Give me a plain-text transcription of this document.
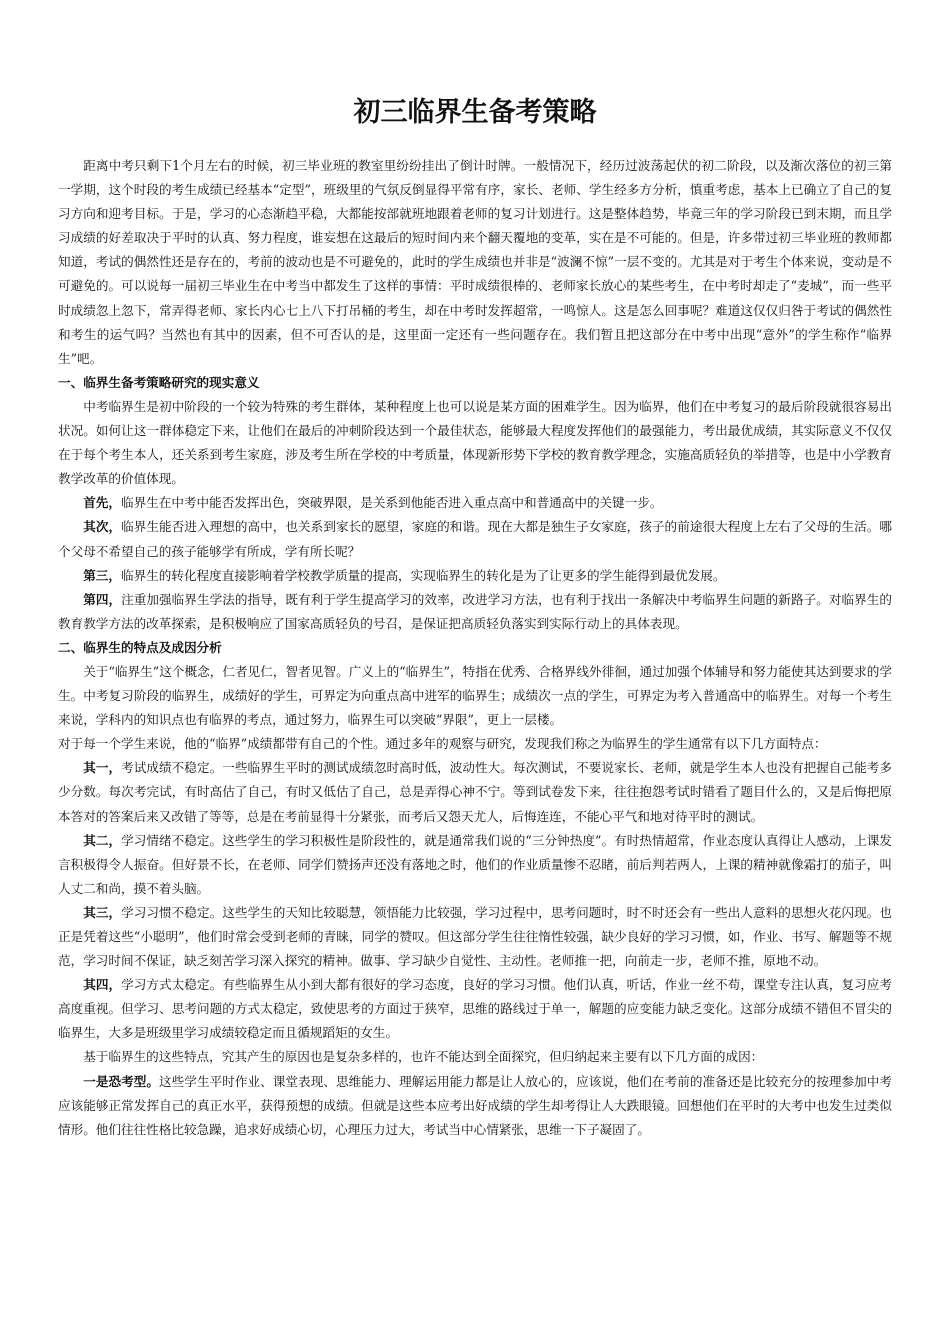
初三临界生备考策略

距离中考只剩下1个月左右的时候，初三毕业班的教室里纷纷挂出了倒计时牌。一般情况下，经历过波荡起伏的初二阶段，以及渐次落位的初三第一学期，这个时段的考生成绩已经基本“定型”，班级里的气氛反倒显得平常有序，家长、老师、学生经多方分析，慎重考虑，基本上已确立了自己的复习方向和迎考目标。于是，学习的心态渐趋平稳，大都能按部就班地跟着老师的复习计划进行。这是整体趋势，毕竟三年的学习阶段已到末期，而且学习成绩的好差取决于平时的认真、努力程度，谁妄想在这最后的短时间内来个翻天覆地的变革，实在是不可能的。但是，许多带过初三毕业班的教师都知道，考试的偶然性还是存在的，考前的波动也是不可避免的，此时的学生成绩也并非是“波澜不惊”一层不变的。尤其是对于考生个体来说，变动是不可避免的。可以说每一届初三毕业生在中考当中都发生了这样的事情：平时成绩很棒的、老师家长放心的某些考生，在中考时却走了“麦城”，而一些平时成绩忽上忽下，常弄得老师、家长内心七上八下打吊桶的考生，却在中考时发挥超常，一鸣惊人。这是怎么回事呢？难道这仅仅归咎于考试的偶然性和考生的运气吗？当然也有其中的因素，但不可否认的是，这里面一定还有一些问题存在。我们暂且把这部分在中考中出现“意外”的学生称作“临界生”吧。

一、临界生备考策略研究的现实意义

中考临界生是初中阶段的一个较为特殊的考生群体，某种程度上也可以说是某方面的困难学生。因为临界，他们在中考复习的最后阶段就很容易出状况。如何让这一群体稳定下来，让他们在最后的冲刺阶段达到一个最佳状态，能够最大程度发挥他们的最强能力，考出最优成绩，其实际意义不仅仅在于每个考生本人，还关系到考生家庭，涉及考生所在学校的中考质量，体现新形势下学校的教育教学理念，实施高质轻负的举措等，也是中小学教育教学改革的价值体现。

首先，临界生在中考中能否发挥出色，突破界限，是关系到他能否进入重点高中和普通高中的关键一步。

其次，临界生能否进入理想的高中，也关系到家长的愿望，家庭的和谐。现在大都是独生子女家庭，孩子的前途很大程度上左右了父母的生活。哪个父母不希望自己的孩子能够学有所成，学有所长呢？

第三，临界生的转化程度直接影响着学校教学质量的提高，实现临界生的转化是为了让更多的学生能得到最优发展。

第四，注重加强临界生学法的指导，既有利于学生提高学习的效率，改进学习方法，也有利于找出一条解决中考临界生问题的新路子。对临界生的教育教学方法的改革探索，是积极响应了国家高质轻负的号召，是保证把高质轻负落实到实际行动上的具体表现。

二、临界生的特点及成因分析

关于“临界生”这个概念，仁者见仁，智者见智。广义上的“临界生”，特指在优秀、合格界线外徘徊，通过加强个体辅导和努力能使其达到要求的学生。中考复习阶段的临界生，成绩好的学生，可界定为向重点高中进军的临界生；成绩次一点的学生，可界定为考入普通高中的临界生。对每一个考生来说，学科内的知识点也有临界的考点，通过努力，临界生可以突破“界限”，更上一层楼。

对于每一个学生来说，他的“临界”成绩都带有自己的个性。通过多年的观察与研究，发现我们称之为临界生的学生通常有以下几方面特点：

其一，考试成绩不稳定。一些临界生平时的测试成绩忽时高时低，波动性大。每次测试，不要说家长、老师，就是学生本人也没有把握自己能考多少分数。每次考完试，有时高估了自己，有时又低估了自己，总是弄得心神不宁。等到试卷发下来，往往抱怨考试时错看了题目什么的，又是后悔把原本答对的答案后来又改错了等等，总是在考前显得十分紧张，而考后又怨天尤人，后悔连连，不能心平气和地对待平时的测试。

其二，学习情绪不稳定。这些学生的学习积极性是阶段性的，就是通常我们说的“三分钟热度”。有时热情超常，作业态度认真得让人感动，上课发言积极得令人振奋。但好景不长，在老师、同学们赞扬声还没有落地之时，他们的作业质量惨不忍睹，前后判若两人，上课的精神就像霜打的茄子，叫人丈二和尚，摸不着头脑。

其三，学习习惯不稳定。这些学生的天知比较聪慧，领悟能力比较强，学习过程中，思考问题时，时不时还会有一些出人意料的思想火花闪现。也正是凭着这些“小聪明”，他们时常会受到老师的青睐，同学的赞叹。但这部分学生往往惰性较强，缺少良好的学习习惯，如，作业、书写、解题等不规范，学习时间不保证，缺乏刻苦学习深入探究的精神。做事、学习缺少自觉性、主动性。老师推一把，向前走一步，老师不推，原地不动。

其四，学习方式太稳定。有些临界生从小到大都有很好的学习态度，良好的学习习惯。他们认真，听话，作业一丝不苟，课堂专注认真，复习应考高度重视。但学习、思考问题的方式太稳定，致使思考的方面过于狭窄，思维的路线过于单一，解题的应变能力缺乏变化。这部分成绩不错但不冒尖的临界生，大多是班级里学习成绩较稳定而且循规蹈矩的女生。

基于临界生的这些特点，究其产生的原因也是复杂多样的，也许不能达到全面探究，但归纳起来主要有以下几方面的成因：

一是恐考型。这些学生平时作业、课堂表现、思维能力、理解运用能力都是让人放心的，应该说，他们在考前的准备还是比较充分的按理参加中考应该能够正常发挥自己的真正水平，获得预想的成绩。但就是这些本应考出好成绩的学生却考得让人大跌眼镜。回想他们在平时的大考中也发生过类似情形。他们往往性格比较急躁，追求好成绩心切，心理压力过大，考试当中心情紧张，思维一下子凝固了。
